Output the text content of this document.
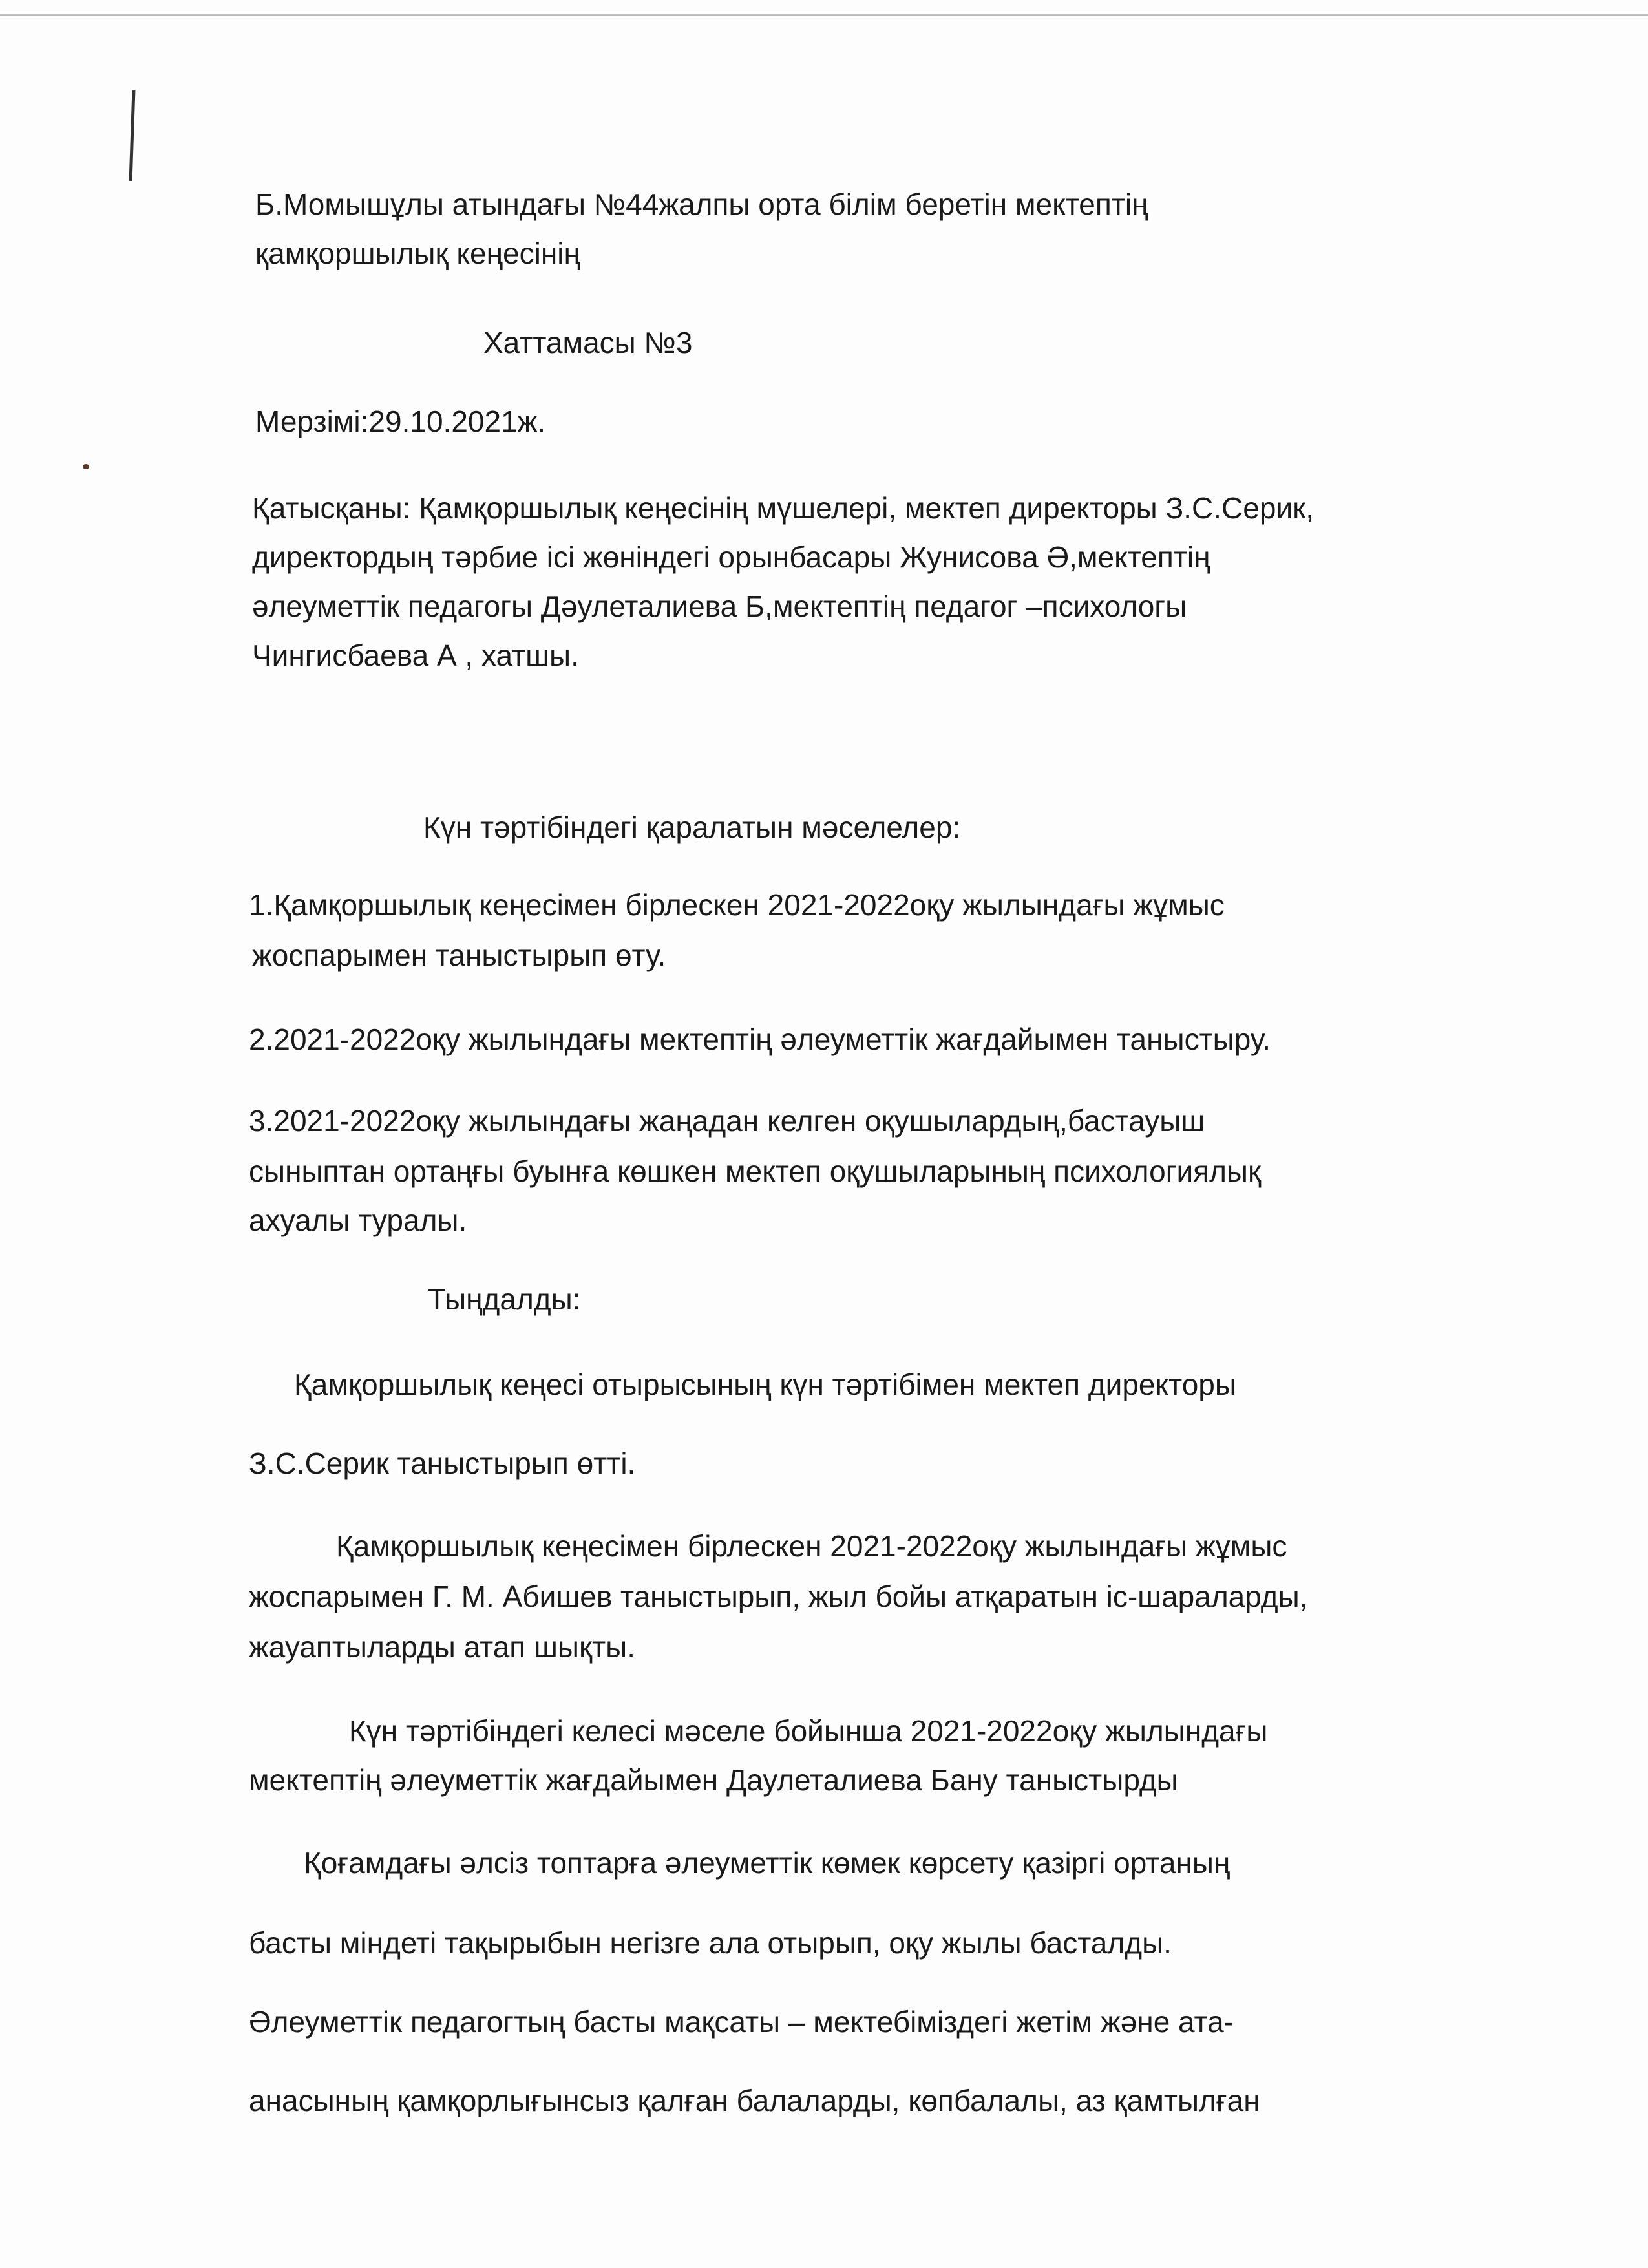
Б.Момышұлы атындағы №44жалпы орта білім беретін мектептің
қамқоршылық кеңесінің
Хаттамасы №3
Мерзімі:29.10.2021ж.
Қатысқаны: Қамқоршылық кеңесінің мүшелері, мектеп директоры З.С.Серик,
директордың тәрбие ісі жөніндегі орынбасары Жунисова Ә,мектептің
әлеуметтік педагогы Дәулеталиева Б,мектептің педагог –психологы
Чингисбаева А , хатшы.
Күн тәртібіндегі қаралатын мәселелер:
1.Қамқоршылық кеңесімен бірлескен 2021-2022оқу жылындағы жұмыс
жоспарымен таныстырып өту.
2.2021-2022оқу жылындағы мектептің әлеуметтік жағдайымен таныстыру.
3.2021-2022оқу жылындағы жаңадан келген оқушылардың,бастауыш
сыныптан ортаңғы буынға көшкен мектеп оқушыларының психологиялық
ахуалы туралы.
Тыңдалды:
Қамқоршылық кеңесі отырысының күн тәртібімен мектеп директоры
З.С.Серик таныстырып өтті.
Қамқоршылық кеңесімен бірлескен 2021-2022оқу жылындағы жұмыс
жоспарымен Г. М. Абишев таныстырып, жыл бойы атқаратын іс-шараларды,
жауаптыларды атап шықты.
Күн тәртібіндегі келесі мәселе бойынша 2021-2022оқу жылындағы
мектептің әлеуметтік жағдайымен Даулеталиева Бану таныстырды
Қоғамдағы әлсіз топтарға әлеуметтік көмек көрсету қазіргі ортаның
басты міндеті тақырыбын негізге ала отырып, оқу жылы басталды.
Әлеуметтік педагогтың басты мақсаты – мектебіміздегі жетім және ата-
анасының қамқорлығынсыз қалған балаларды, көпбалалы, аз қамтылған
